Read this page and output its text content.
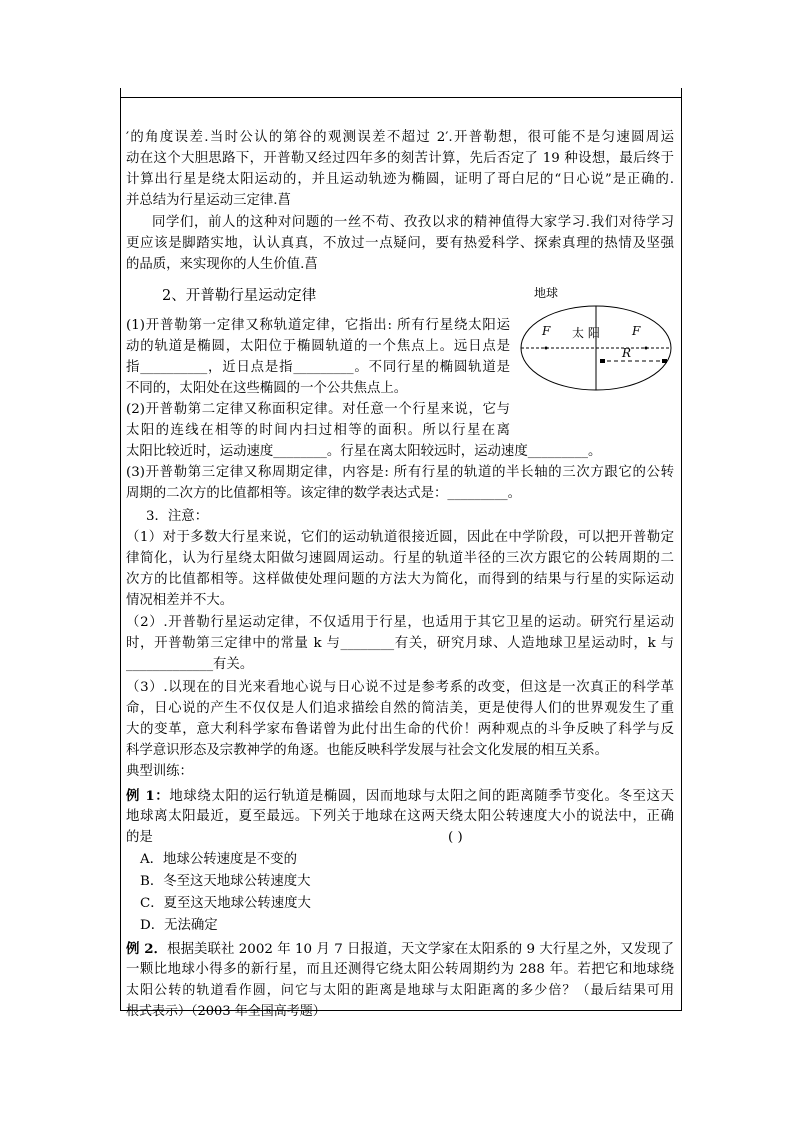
′的角度误差.当时公认的第谷的观测误差不超过 2′.开普勒想，很可能不是匀速圆周运
动在这个大胆思路下，开普勒又经过四年多的刻苦计算，先后否定了 19 种设想，最后终于
计算出行星是绕太阳运动的，并且运动轨迹为椭圆，证明了哥白尼的“日心说”是正确的.
并总结为行星运动三定律.菖
同学们，前人的这种对问题的一丝不苟、孜孜以求的精神值得大家学习.我们对待学习
更应该是脚踏实地，认认真真，不放过一点疑问，要有热爱科学、探索真理的热情及坚强
的品质，来实现你的人生价值.菖
2、开普勒行星运动定律
(1)开普勒第一定律又称轨道定律，它指出: 所有行星绕太阳运
动的轨道是椭圆，太阳位于椭圆轨道的一个焦点上。远日点是
指__________，近日点是指_________。不同行星的椭圆轨道是
不同的，太阳处在这些椭圆的一个公共焦点上。
(2)开普勒第二定律又称面积定律。对任意一个行星来说，它与
太阳的连线在相等的时间内扫过相等的面积。所以行星在离
太阳比较近时，运动速度________。行星在离太阳较远时，运动速度_________。
(3)开普勒第三定律又称周期定律，内容是: 所有行星的轨道的半长轴的三次方跟它的公转
周期的二次方的比值都相等。该定律的数学表达式是：_________。
地球
F	F
太 阳
R
3．注意：
（1）对于多数大行星来说，它们的运动轨道很接近圆，因此在中学阶段，可以把开普勒定
律简化，认为行星绕太阳做匀速圆周运动。行星的轨道半径的三次方跟它的公转周期的二
次方的比值都相等。这样做使处理问题的方法大为简化，而得到的结果与行星的实际运动
情况相差并不大。
（2）.开普勒行星运动定律，不仅适用于行星，也适用于其它卫星的运动。研究行星运动
时，开普勒第三定律中的常量 k 与________有关，研究月球、人造地球卫星运动时，k 与
_____________有关。
（3）.以现在的目光来看地心说与日心说不过是参考系的改变，但这是一次真正的科学革
命，日心说的产生不仅仅是人们追求描绘自然的简洁美，更是使得人们的世界观发生了重
大的变革，意大利科学家布鲁诺曾为此付出生命的代价！两种观点的斗争反映了科学与反
科学意识形态及宗教神学的角逐。也能反映科学发展与社会文化发展的相互关系。
典型训练：
例 1：地球绕太阳的运行轨道是椭圆，因而地球与太阳之间的距离随季节变化。冬至这天
地球离太阳最近，夏至最远。下列关于地球在这两天绕太阳公转速度大小的说法中，正确
的是	( )
A．地球公转速度是不变的
B．冬至这天地球公转速度大
C．夏至这天地球公转速度大
D．无法确定
例 2．根据美联社 2002 年 10 月 7 日报道，天文学家在太阳系的 9 大行星之外，又发现了
一颗比地球小得多的新行星，而且还测得它绕太阳公转周期约为 288 年。若把它和地球绕
太阳公转的轨道看作圆，问它与太阳的距离是地球与太阳距离的多少倍？（最后结果可用
根式表示）（2003 年全国高考题）
